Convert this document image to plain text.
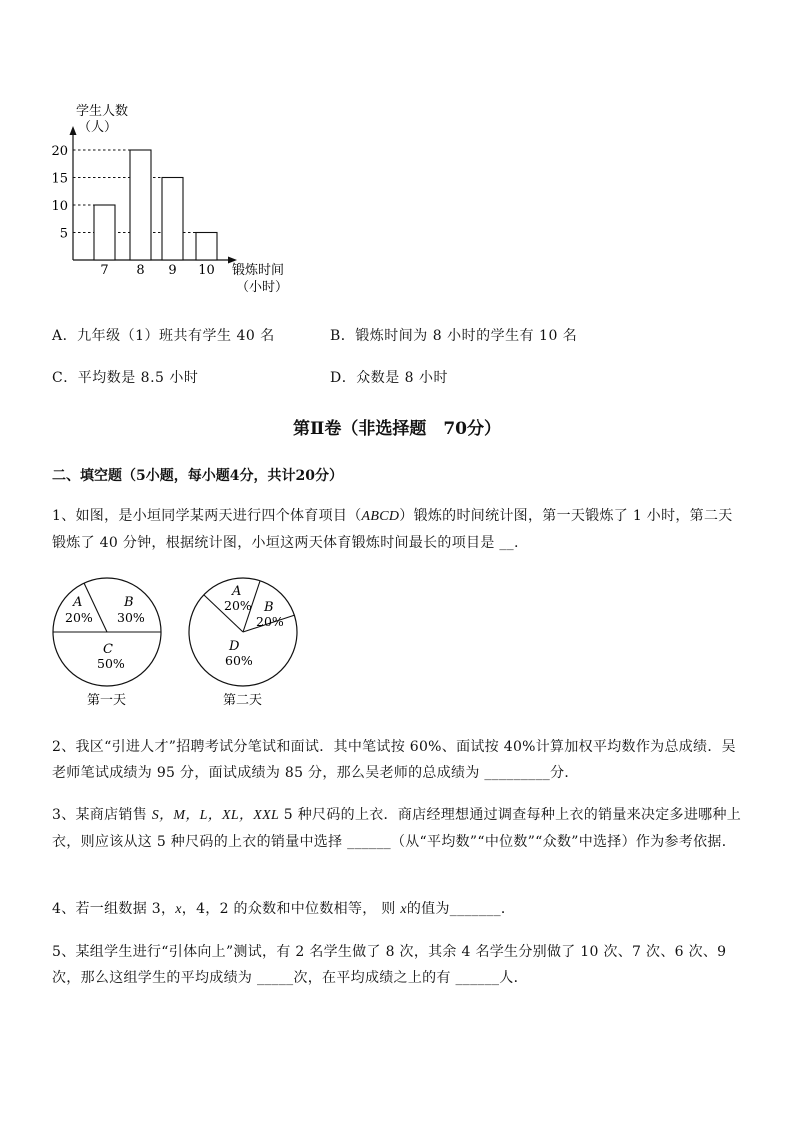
学生人数
（人）
5
10
15
20
7 8 9 10 锻炼时间
（小时）
A．九年级（1）班共有学生 40 名	B．锻炼时间为 8 小时的学生有 10 名
C．平均数是 8.5 小时	D．众数是 8 小时
第Ⅱ卷（非选择题　70分）
二、填空题（5小题，每小题4分，共计20分）
1、如图，是小垣同学某两天进行四个体育项目（ABCD）锻炼的时间统计图，第一天锻炼了 1 小时，第二天锻炼了 40 分钟，根据统计图，小垣这两天体育锻炼时间最长的项目是 __.
A
20%
B
30%
C
50%
第一天
A
20% B
20%
D
60%
第二天
2、我区“引进人才”招聘考试分笔试和面试．其中笔试按 60%、面试按 40%计算加权平均数作为总成绩．吴老师笔试成绩为 95 分，面试成绩为 85 分，那么吴老师的总成绩为 _________分．
3、某商店销售 S，M，L，XL，XXL 5 种尺码的上衣．商店经理想通过调查每种上衣的销量来决定多进哪种上衣，则应该从这 5 种尺码的上衣的销量中选择 ______（从“平均数”“中位数”“众数”中选择）作为参考依据．
4、若一组数据 3，x，4，2 的众数和中位数相等， 则 x的值为_______．
5、某组学生进行“引体向上”测试，有 2 名学生做了 8 次，其余 4 名学生分别做了 10 次、7 次、6 次、9 次，那么这组学生的平均成绩为 _____次，在平均成绩之上的有 ______人．
